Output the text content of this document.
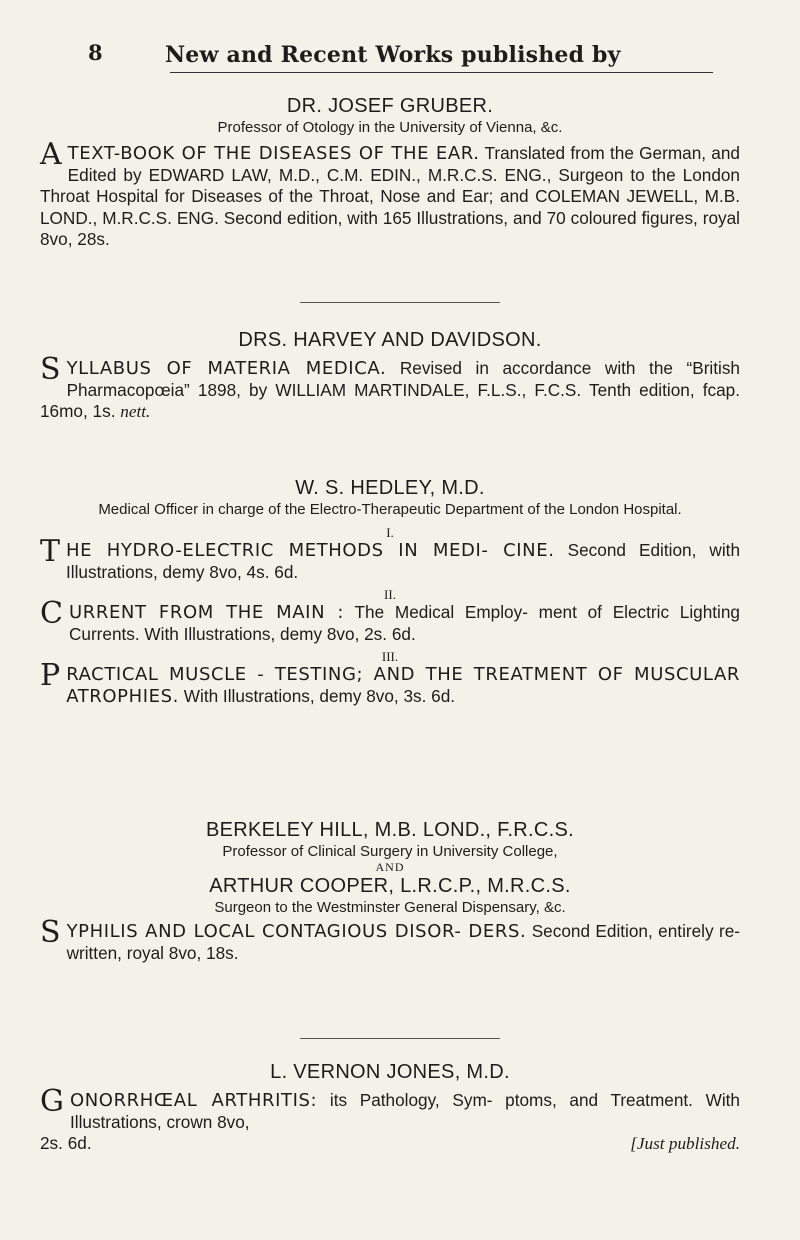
8	New and Recent Works published by

DR. JOSEF GRUBER.

Professor of Otology in the University of Vienna, &c.

ATEXT-BOOK OF THE DISEASES OF THE EAR. Translated from the German, and Edited by EDWARD LAW, M.D., C.M. EDIN., M.R.C.S. ENG., Surgeon to the London Throat Hospital for Diseases of the Throat, Nose and Ear; and COLEMAN JEWELL, M.B. LOND., M.R.C.S. ENG. Second edition, with 165 Illustrations, and 70 coloured figures, royal 8vo, 28s.

DRS. HARVEY AND DAVIDSON.

SYLLABUS OF MATERIA MEDICA. Revised in accordance with the “British Pharmacopœia” 1898, by WILLIAM MARTINDALE, F.L.S., F.C.S. Tenth edition, fcap. 16mo, 1s. nett.

W. S. HEDLEY, M.D.

Medical Officer in charge of the Electro-Therapeutic Department of the London Hospital.

I.

THE HYDRO-ELECTRIC METHODS IN MEDI- CINE. Second Edition, with Illustrations, demy 8vo, 4s. 6d.

II.

CURRENT FROM THE MAIN : The Medical Employ- ment of Electric Lighting Currents. With Illustrations, demy 8vo, 2s. 6d.

III.

PRACTICAL MUSCLE - TESTING; AND THE TREATMENT OF MUSCULAR ATROPHIES. With Illustrations, demy 8vo, 3s. 6d.

BERKELEY HILL, M.B. LOND., F.R.C.S.

Professor of Clinical Surgery in University College,

AND

ARTHUR COOPER, L.R.C.P., M.R.C.S.

Surgeon to the Westminster General Dispensary, &c.

SYPHILIS AND LOCAL CONTAGIOUS DISOR- DERS. Second Edition, entirely re-written, royal 8vo, 18s.

L. VERNON JONES, M.D.

GONORRHŒAL ARTHRITIS: its Pathology, Sym- ptoms, and Treatment. With Illustrations, crown 8vo,

2s. 6d.	[Just published.
